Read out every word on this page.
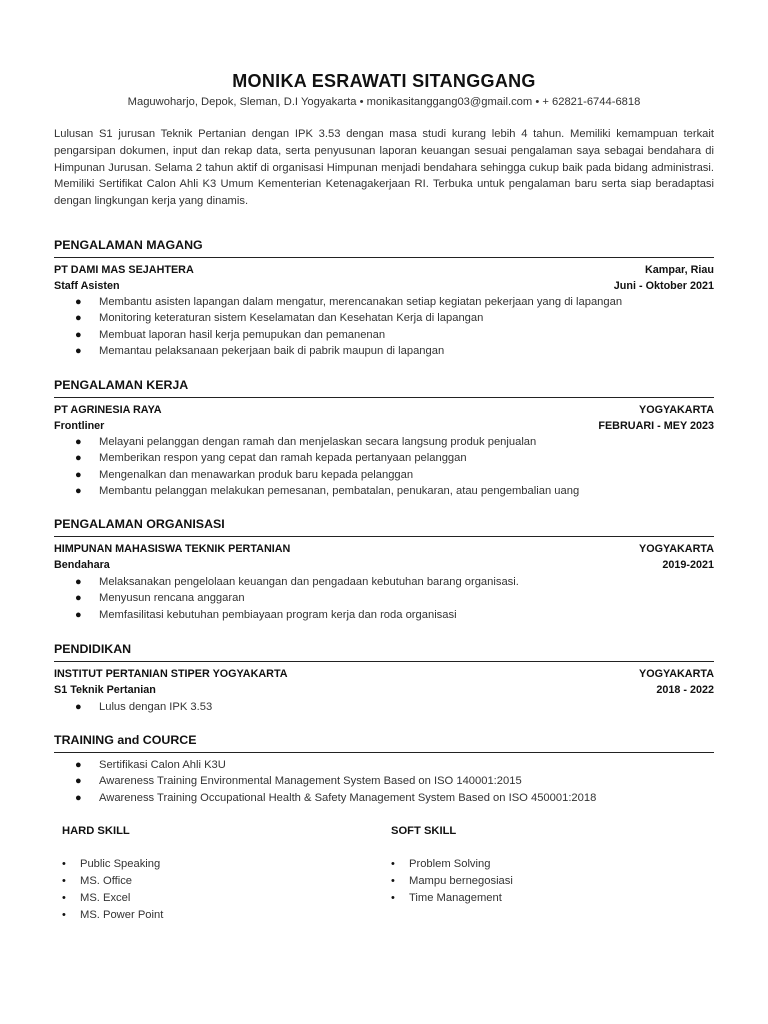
MONIKA ESRAWATI SITANGGANG
Maguwoharjo, Depok, Sleman, D.I Yogyakarta • monikasitanggang03@gmail.com • + 62821-6744-6818
Lulusan S1 jurusan Teknik Pertanian dengan IPK 3.53 dengan masa studi kurang lebih 4 tahun. Memiliki kemampuan terkait pengarsipan dokumen, input dan rekap data, serta penyusunan laporan keuangan sesuai pengalaman saya sebagai bendahara di Himpunan Jurusan. Selama 2 tahun aktif di organisasi Himpunan menjadi bendahara sehingga cukup baik pada bidang administrasi. Memiliki Sertifikat Calon Ahli K3 Umum Kementerian Ketenagakerjaan RI. Terbuka untuk pengalaman baru serta siap beradaptasi dengan lingkungan kerja yang dinamis.
PENGALAMAN MAGANG
PT DAMI MAS SEJAHTERA	Kampar, Riau
Staff Asisten	Juni - Oktober 2021
● Membantu asisten lapangan dalam mengatur, merencanakan setiap kegiatan pekerjaan yang di lapangan
● Monitoring keteraturan sistem Keselamatan dan Kesehatan Kerja di lapangan
● Membuat laporan hasil kerja pemupukan dan pemanenan
● Memantau pelaksanaan pekerjaan baik di pabrik maupun di lapangan
PENGALAMAN KERJA
PT AGRINESIA RAYA	YOGYAKARTA
Frontliner	FEBRUARI - MEY 2023
● Melayani pelanggan dengan ramah dan menjelaskan secara langsung produk penjualan
● Memberikan respon yang cepat dan ramah kepada pertanyaan pelanggan
● Mengenalkan dan menawarkan produk baru kepada pelanggan
● Membantu pelanggan melakukan pemesanan, pembatalan, penukaran, atau pengembalian uang
PENGALAMAN ORGANISASI
HIMPUNAN MAHASISWA TEKNIK PERTANIAN	YOGYAKARTA
Bendahara	2019-2021
● Melaksanakan pengelolaan keuangan dan pengadaan kebutuhan barang organisasi.
● Menyusun rencana anggaran
● Memfasilitasi kebutuhan pembiayaan program kerja dan roda organisasi
PENDIDIKAN
INSTITUT PERTANIAN STIPER YOGYAKARTA	YOGYAKARTA
S1 Teknik Pertanian	2018 - 2022
● Lulus dengan IPK 3.53
TRAINING and COURCE
● Sertifikasi Calon Ahli K3U
● Awareness Training Environmental Management System Based on ISO 140001:2015
● Awareness Training Occupational Health & Safety Management System Based on ISO 450001:2018
HARD SKILL
• Public Speaking
• MS. Office
• MS. Excel
• MS. Power Point
SOFT SKILL
• Problem Solving
• Mampu bernegosiasi
• Time Management
